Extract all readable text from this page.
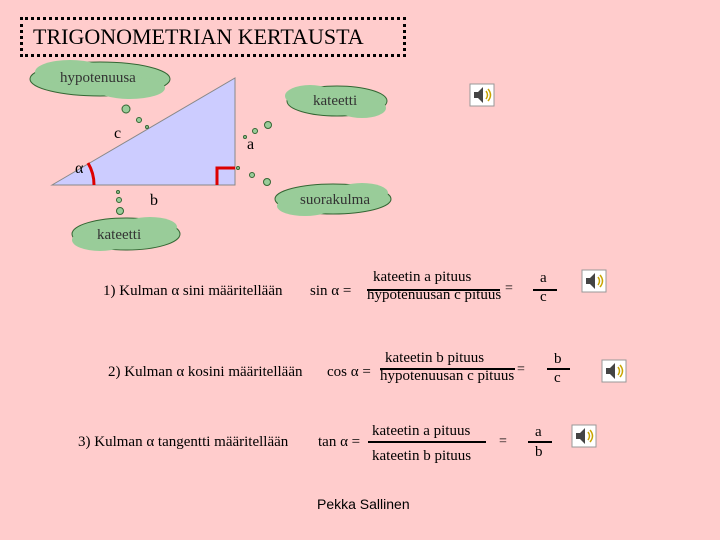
TRIGONOMETRIAN KERTAUSTA
hypotenuusa
kateetti
suorakulma
kateetti
c
a
b
α
1) Kulman α sini määritellään sin α =
kateetin a pituus
hypotenuusan c pituus =
a
c
2) Kulman α kosini määritellään cos α =
kateetin b pituus
hypotenuusan c pituus =
b
c
3) Kulman α tangentti määritellään tan α =
kateetin a pituus
kateetin b pituus
=
a
b
Pekka Sallinen
